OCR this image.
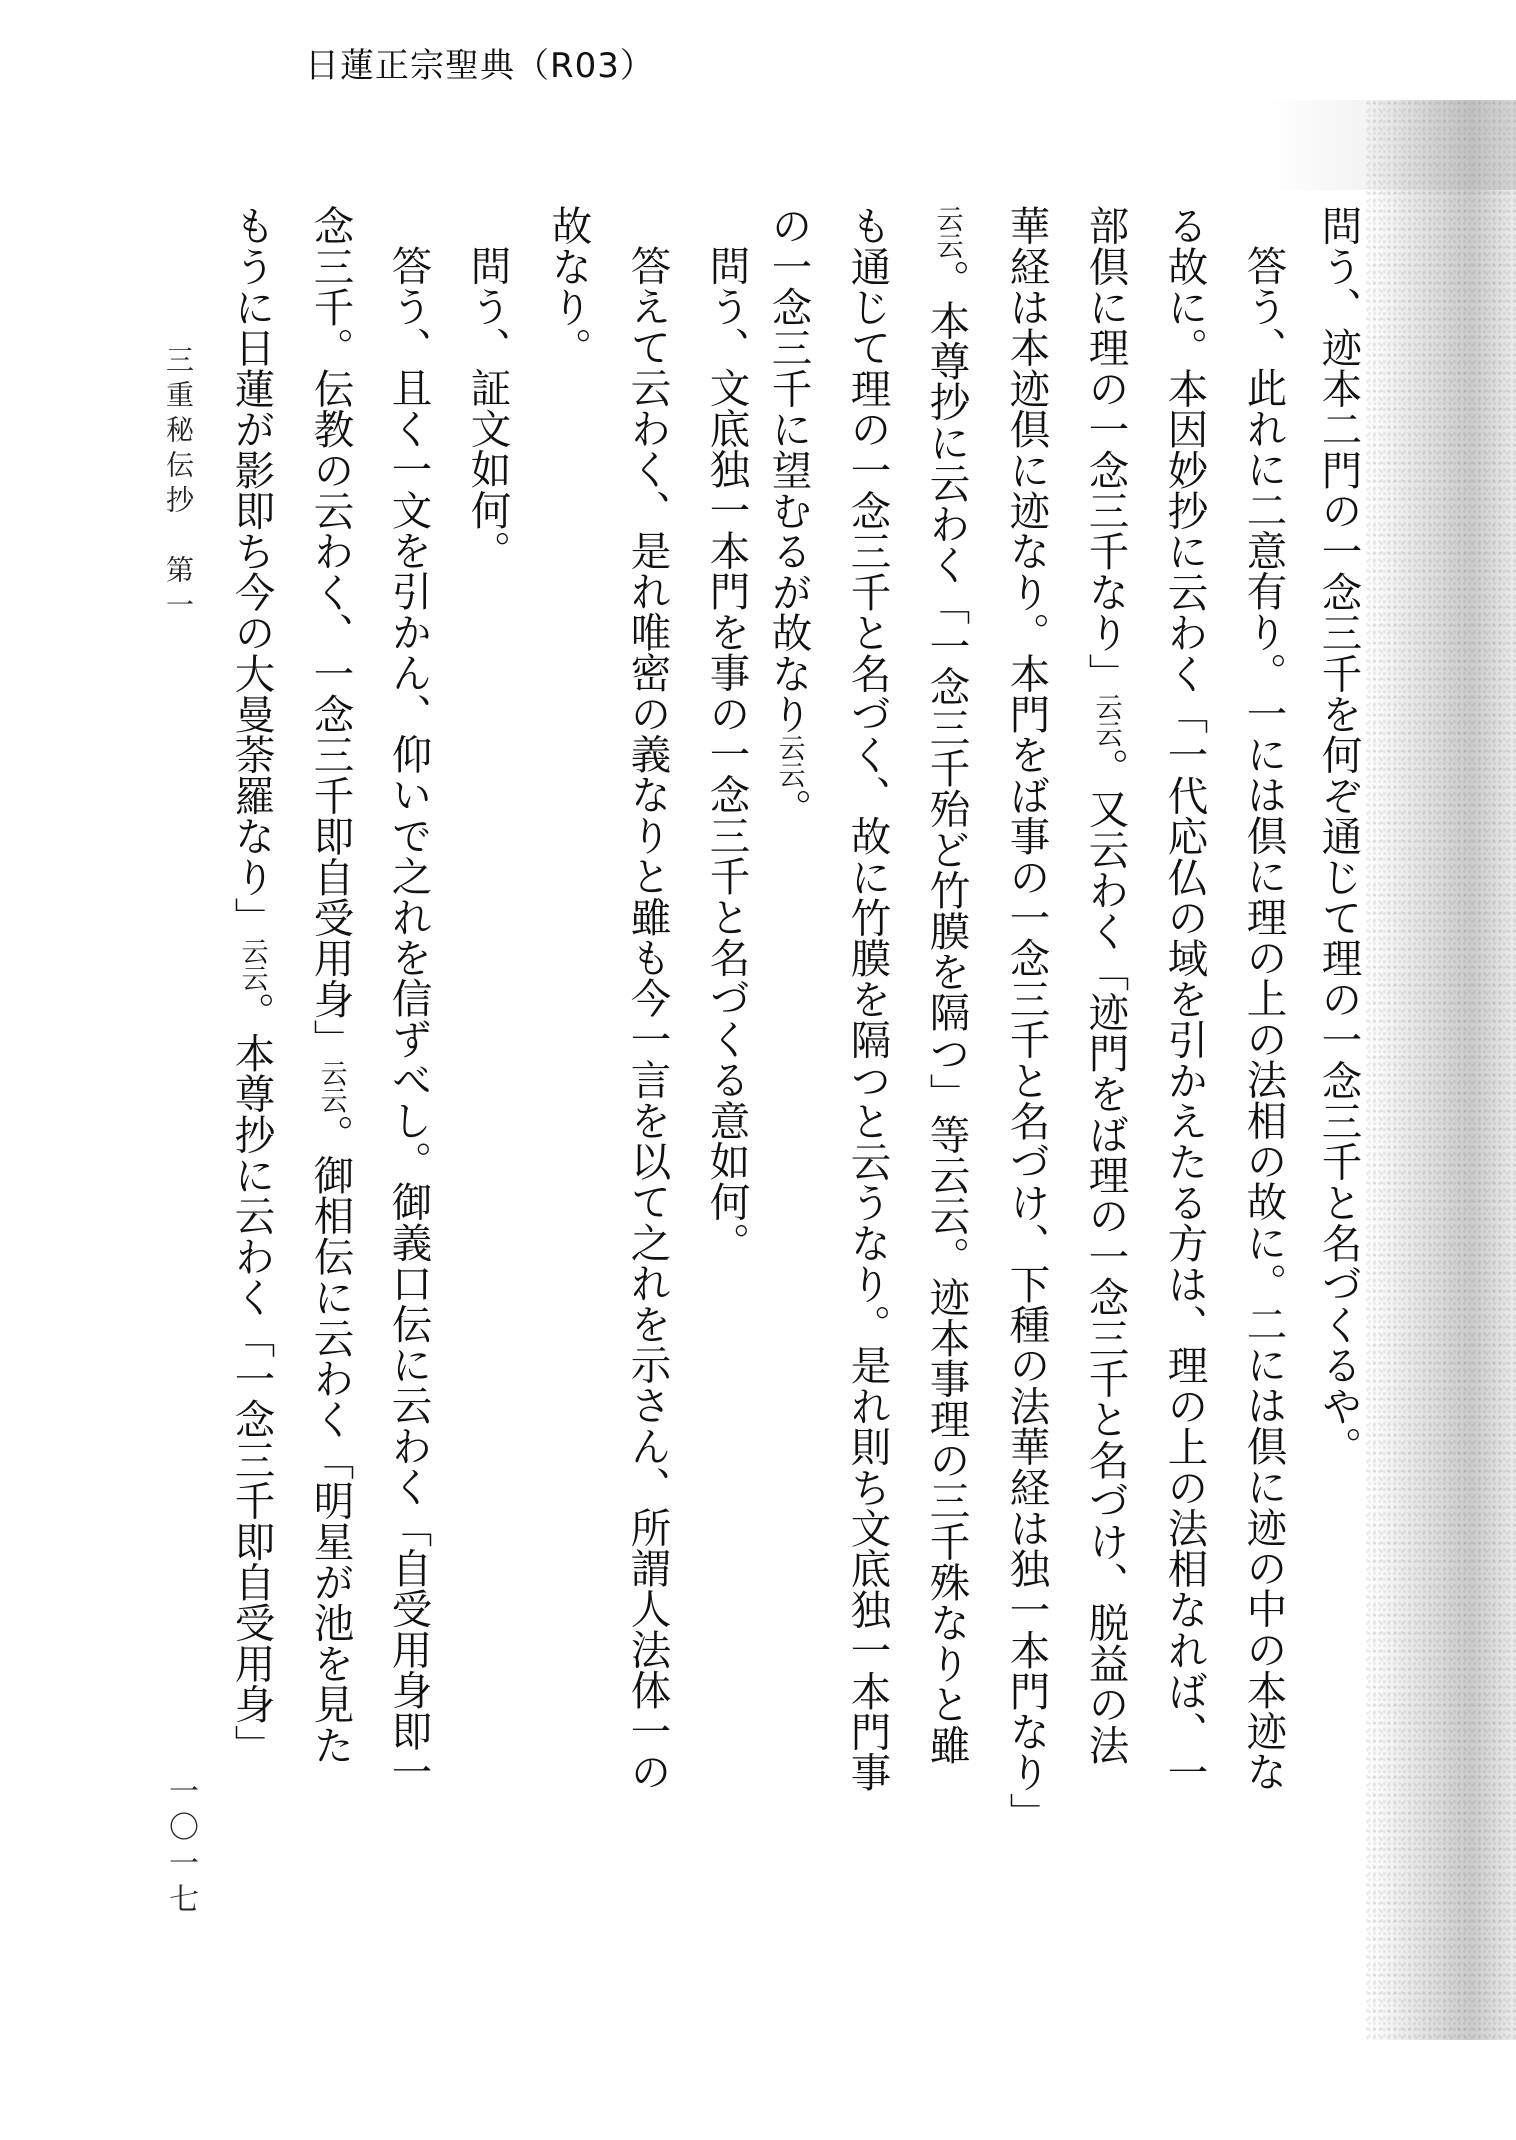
日蓮正宗聖典（R03）
問う、迹本二門の一念三千を何ぞ通じて理の一念三千と名づくるや。
答う、此れに二意有り。一には倶に理の上の法相の故に。二には倶に迹の中の本迹な
る故に。本因妙抄に云わく「一代応仏の域を引かえたる方は、理の上の法相なれば、一
部倶に理の一念三千なり」云云。又云わく「迹門をば理の一念三千と名づけ、脱益の法
華経は本迹倶に迹なり。本門をば事の一念三千と名づけ、下種の法華経は独一本門なり」
云云。本尊抄に云わく「一念三千殆ど竹膜を隔つ」等云云。迹本事理の三千殊なりと雖
も通じて理の一念三千と名づく、故に竹膜を隔つと云うなり。是れ則ち文底独一本門事
の一念三千に望むるが故なり云云。
問う、文底独一本門を事の一念三千と名づくる意如何。
答えて云わく、是れ唯密の義なりと雖も今一言を以て之れを示さん、所謂人法体一の
故なり。
問う、証文如何。
答う、且く一文を引かん、仰いで之れを信ずべし。御義口伝に云わく「自受用身即一
念三千。伝教の云わく、一念三千即自受用身」云云。御相伝に云わく「明星が池を見た
もうに日蓮が影即ち今の大曼荼羅なり」云云。本尊抄に云わく「一念三千即自受用身」
三重秘伝抄　第一
一〇一七
